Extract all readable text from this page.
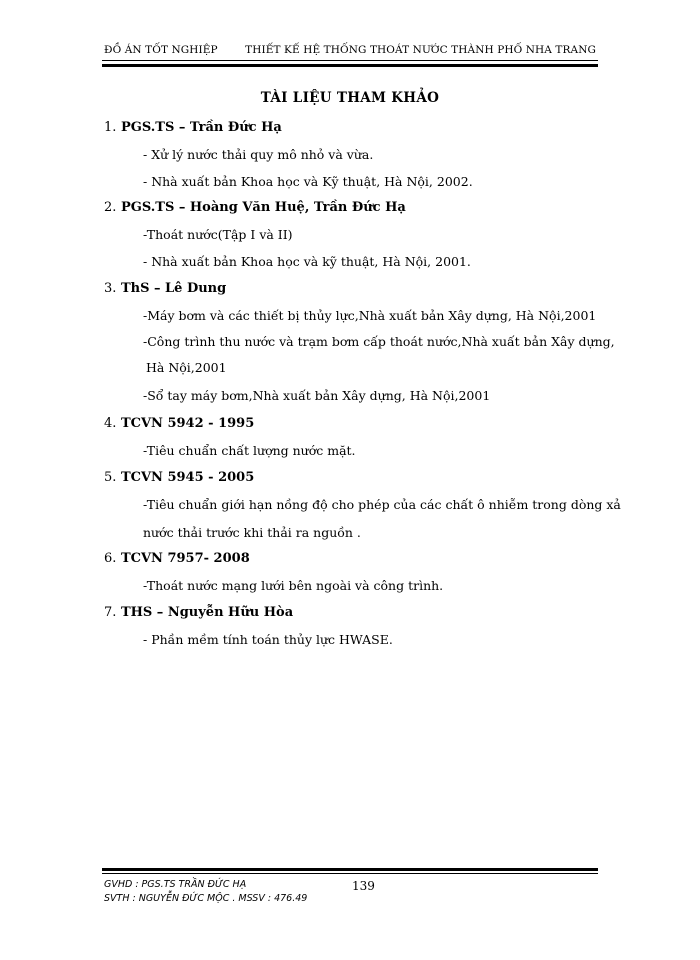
ĐỒ ÁN TỐT NGHIỆP	THIẾT KẾ HỆ THỐNG THOÁT NƯỚC THÀNH PHỐ NHA TRANG
TÀI LIỆU THAM KHẢO
1. PGS.TS – Trần Đức Hạ
- Xử lý nước thải quy mô nhỏ và vừa.
- Nhà xuất bản Khoa học và Kỹ thuật, Hà Nội, 2002.
2. PGS.TS – Hoàng Văn Huệ, Trần Đức Hạ
-Thoát nước(Tập I và II)
- Nhà xuất bản Khoa học và kỹ thuật, Hà Nội, 2001.
3. ThS – Lê Dung
-Máy bơm và các thiết bị thủy lực,Nhà xuất bản Xây dựng, Hà Nội,2001
-Công trình thu nước và trạm bơm cấp thoát nước,Nhà xuất bản Xây dựng,
Hà Nội,2001
-Sổ tay máy bơm,Nhà xuất bản Xây dựng, Hà Nội,2001
4. TCVN 5942 - 1995
-Tiêu chuẩn chất lượng nước mặt.
5. TCVN 5945 - 2005
-Tiêu chuẩn giới hạn nồng độ cho phép của các chất ô nhiễm trong dòng xả
nước thải trước khi thải ra nguồn .
6. TCVN 7957- 2008
-Thoát nước mạng lưới bên ngoài và công trình.
7. THS – Nguyễn Hữu Hòa
- Phần mềm tính toán thủy lực HWASE.
GVHD : PGS.TS TRẦN ĐỨC HẠ
SVTH : NGUYỄN ĐỨC MỘC . MSSV : 476.49
139
